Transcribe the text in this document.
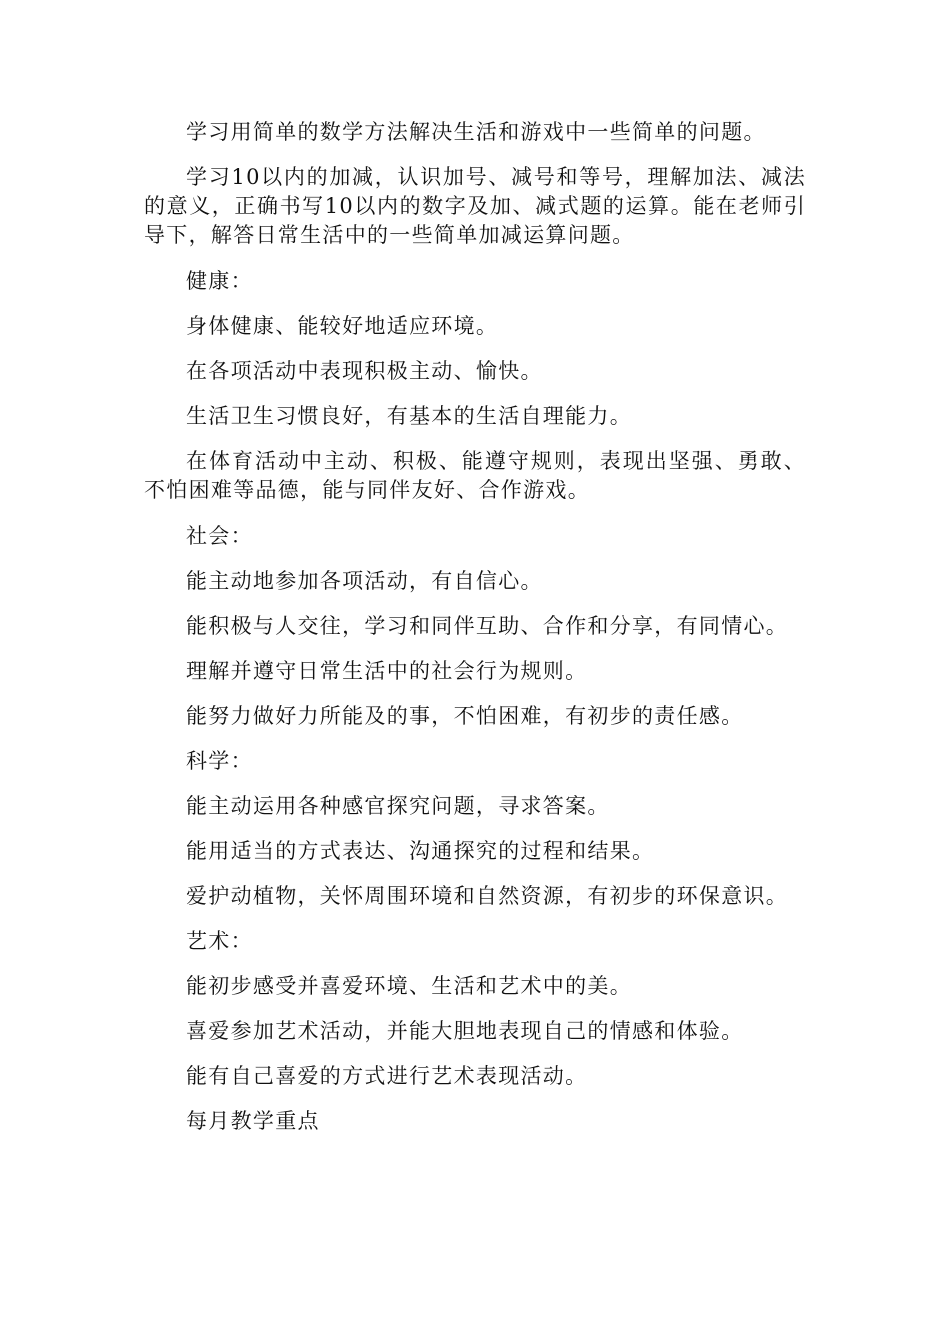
学习用简单的数学方法解决生活和游戏中一些简单的问题。

学习10以内的加减，认识加号、减号和等号，理解加法、减法的意义，正确书写10以内的数字及加、减式题的运算。能在老师引导下，解答日常生活中的一些简单加减运算问题。

健康：

身体健康、能较好地适应环境。

在各项活动中表现积极主动、愉快。

生活卫生习惯良好，有基本的生活自理能力。

在体育活动中主动、积极、能遵守规则，表现出坚强、勇敢、不怕困难等品德，能与同伴友好、合作游戏。

社会：

能主动地参加各项活动，有自信心。

能积极与人交往，学习和同伴互助、合作和分享，有同情心。

理解并遵守日常生活中的社会行为规则。

能努力做好力所能及的事，不怕困难，有初步的责任感。

科学：

能主动运用各种感官探究问题，寻求答案。

能用适当的方式表达、沟通探究的过程和结果。

爱护动植物，关怀周围环境和自然资源，有初步的环保意识。

艺术：

能初步感受并喜爱环境、生活和艺术中的美。

喜爱参加艺术活动，并能大胆地表现自己的情感和体验。

能有自己喜爱的方式进行艺术表现活动。

每月教学重点
